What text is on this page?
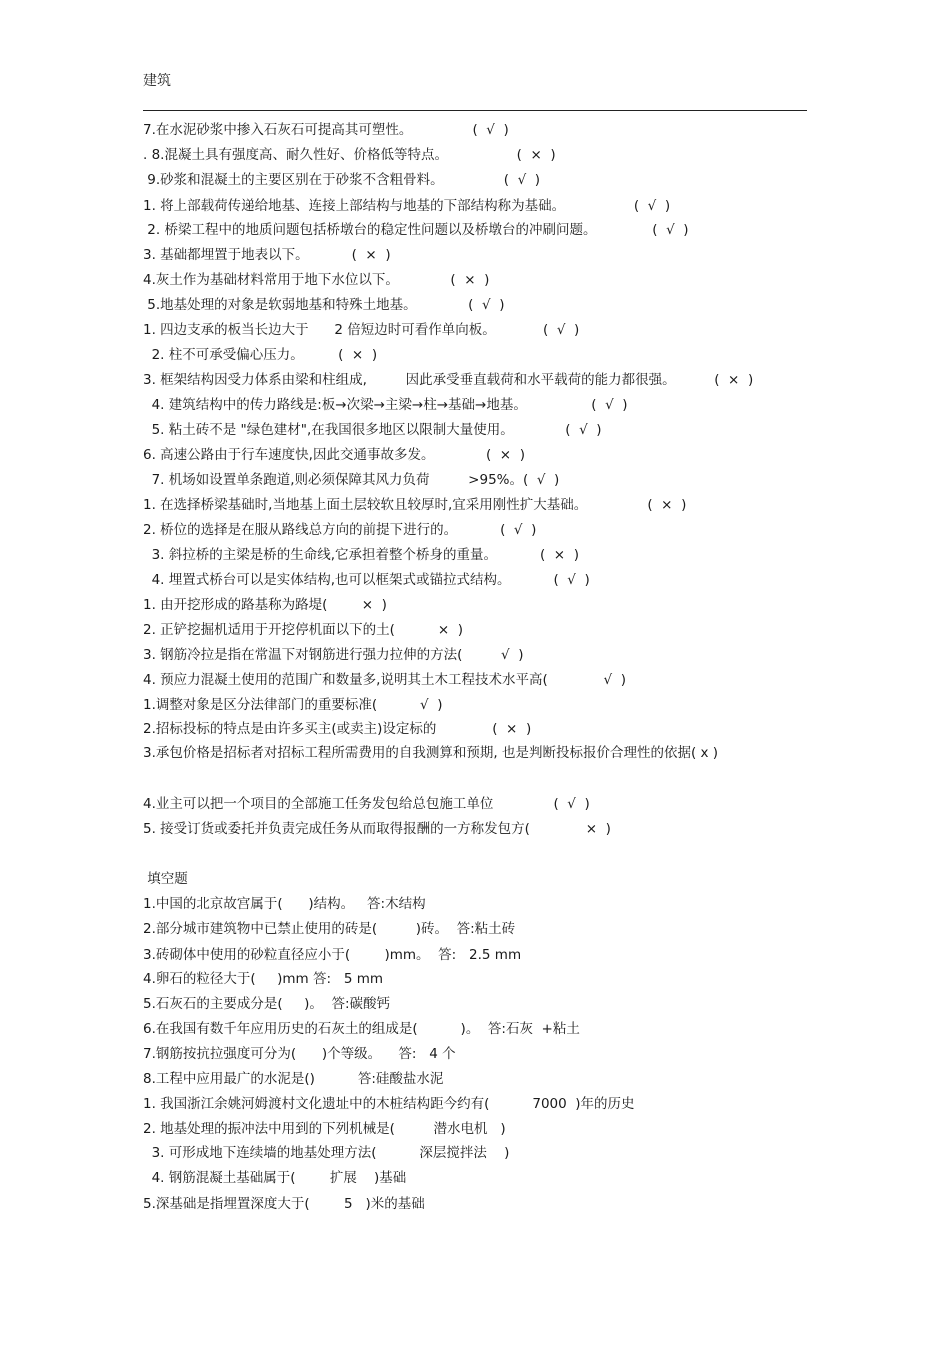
建筑
7.在水泥砂浆中掺入石灰石可提高其可塑性。              (  √  )
. 8.混凝土具有强度高、耐久性好、价格低等特点。                (  ×  )
9.砂浆和混凝土的主要区别在于砂浆不含粗骨料。              (  √  )
1. 将上部载荷传递给地基、连接上部结构与地基的下部结构称为基础。                (  √  )
2. 桥梁工程中的地质问题包括桥墩台的稳定性问题以及桥墩台的冲刷问题。             (  √  )
3. 基础都埋置于地表以下。          (  ×  )
4.灰土作为基础材料常用于地下水位以下。            (  ×  )
5.地基处理的对象是软弱地基和特殊土地基。            (  √  )
1. 四边支承的板当长边大于      2 倍短边时可看作单向板。           (  √  )
2. 柱不可承受偏心压力。        (  ×  )
3. 框架结构因受力体系由梁和柱组成,         因此承受垂直载荷和水平载荷的能力都很强。         (  ×  )
4. 建筑结构中的传力路线是:板→次梁→主梁→柱→基础→地基。               (  √  )
5. 粘土砖不是 "绿色建材",在我国很多地区以限制大量使用。            (  √  )
6. 高速公路由于行车速度快,因此交通事故多发。            (  ×  )
7. 机场如设置单条跑道,则必须保障其风力负荷         >95%。(  √  )
1. 在选择桥梁基础时,当地基上面土层较软且较厚时,宜采用刚性扩大基础。              (  ×  )
2. 桥位的选择是在服从路线总方向的前提下进行的。          (  √  )
3. 斜拉桥的主梁是桥的生命线,它承担着整个桥身的重量。          (  ×  )
4. 埋置式桥台可以是实体结构,也可以框架式或锚拉式结构。          (  √  )
1. 由开挖形成的路基称为路堤(        ×  )
2. 正铲挖掘机适用于开挖停机面以下的土(          ×  )
3. 钢筋冷拉是指在常温下对钢筋进行强力拉伸的方法(         √  )
4. 预应力混凝土使用的范围广和数量多,说明其土木工程技术水平高(             √  )
1.调整对象是区分法律部门的重要标准(          √  )
2.招标投标的特点是由许多买主(或卖主)设定标的             (  ×  )
4.业主可以把一个项目的全部施工任务发包给总包施工单位              (  √  )
5. 接受订货或委托并负责完成任务从而取得报酬的一方称发包方(             ×  )
填空题
1.中国的北京故宫属于(      )结构。   答:木结构
2.部分城市建筑物中已禁止使用的砖是(         )砖。  答:粘土砖
3.砖砌体中使用的砂粒直径应小于(        )mm。  答:   2.5 mm
4.卵石的粒径大于(     )mm 答:   5 mm
5.石灰石的主要成分是(     )。  答:碳酸钙
6.在我国有数千年应用历史的石灰土的组成是(          )。  答:石灰  +粘土
7.钢筋按抗拉强度可分为(      )个等级。    答:   4 个
8.工程中应用最广的水泥是()          答:硅酸盐水泥
1. 我国浙江余姚河姆渡村文化遗址中的木桩结构距今约有(          7000  )年的历史
2. 地基处理的振冲法中用到的下列机械是(         潜水电机   )
3. 可形成地下连续墙的地基处理方法(          深层搅拌法    )
4. 钢筋混凝土基础属于(        扩展    )基础
5.深基础是指埋置深度大于(        5   )米的基础
3.承包价格是招标者对招标工程所需费用的自我测算和预期, 也是判断投标报价合理性的依据( x )
